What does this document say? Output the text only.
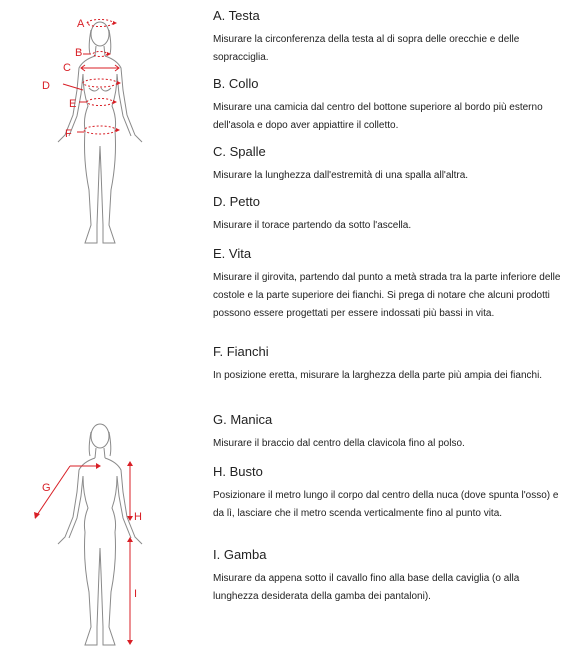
A
B
C
D
E
F
G
H
I
A. Testa

Misurare la circonferenza della testa al di sopra delle orecchie e delle sopracciglia.

B. Collo

Misurare una camicia dal centro del bottone superiore al bordo più esterno dell'asola e dopo aver appiattire il colletto.

C. Spalle

Misurare la lunghezza dall'estremità di una spalla all'altra.

D. Petto

Misurare il torace partendo da sotto l'ascella.

E. Vita

Misurare il girovita, partendo dal punto a metà strada tra la parte inferiore delle costole e la parte superiore dei fianchi. Si prega di notare che alcuni prodotti possono essere progettati per essere indossati più bassi in vita.

F. Fianchi

In posizione eretta, misurare la larghezza della parte più ampia dei fianchi.

G. Manica

Misurare il braccio dal centro della clavicola fino al polso.

H. Busto

Posizionare il metro lungo il corpo dal centro della nuca (dove spunta l'osso) e da lì, lasciare che il metro scenda verticalmente fino al punto vita.

I. Gamba

Misurare da appena sotto il cavallo fino alla base della caviglia (o alla lunghezza desiderata della gamba dei pantaloni).
